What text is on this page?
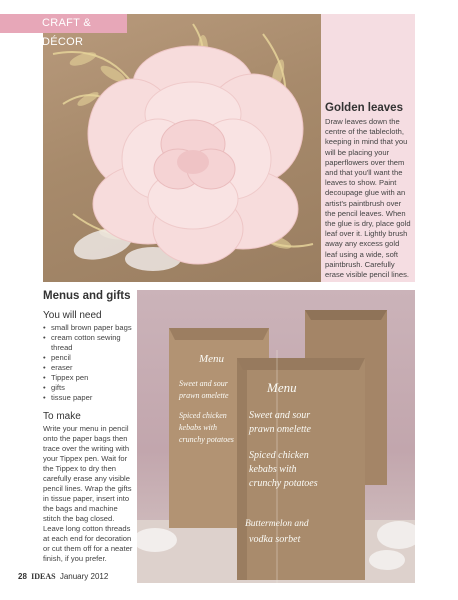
CRAFT & DÉCOR
Golden leaves
Draw leaves down the centre of the tablecloth, keeping in mind that you will be placing your paperflowers over them and that you'll want the leaves to show. Paint decoupage glue with an artist's paintbrush over the pencil leaves. When the glue is dry, place gold leaf over it. Lightly brush away any excess gold leaf using a wide, soft paintbrush. Carefully erase visible pencil lines.
Menus and gifts
You will need
• small brown paper bags
• cream cotton sewing thread
• pencil
• eraser
• Tippex pen
• gifts
• tissue paper
To make

Write your menu in pencil onto the paper bags then trace over the writing with your Tippex pen. Wait for the Tippex to dry then carefully erase any visible pencil lines. Wrap the gifts in tissue paper, insert into the bags and machine stitch the bag closed. Leave long cotton threads at each end for decoration or cut them off for a neater finish, if you prefer.

Menu
Sweet and sour
prawn omelette
Spiced chicken
kebabs with
crunchy potatoes
Menu
Sweet and sour
prawn omelette
Spiced chicken
kebabs with
crunchy potatoes
Buttermelon and
vodka sorbet
28 IDEAS January 2012
